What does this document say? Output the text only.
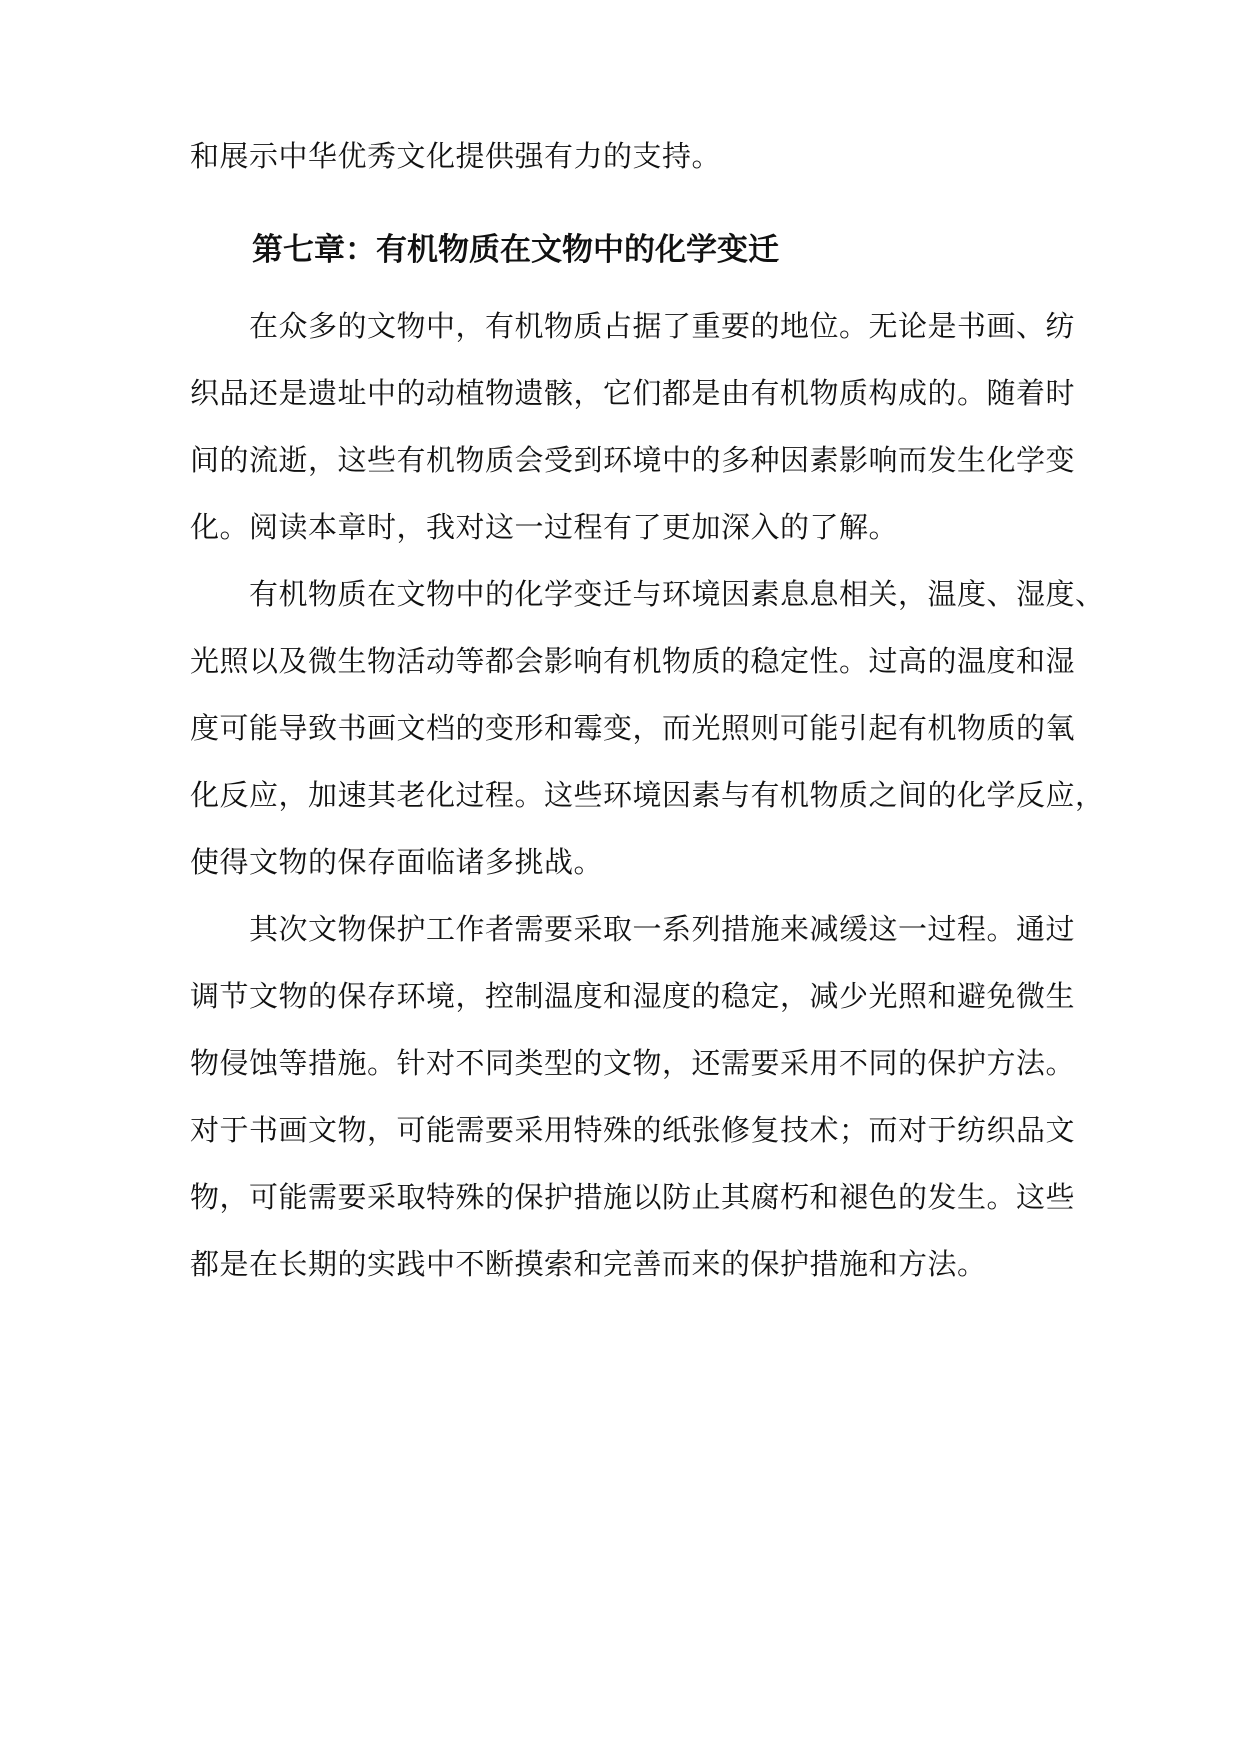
和展示中华优秀文化提供强有力的支持。
第七章：有机物质在文物中的化学变迁
　　在众多的文物中，有机物质占据了重要的地位。无论是书画、纺
织品还是遗址中的动植物遗骸，它们都是由有机物质构成的。随着时
间的流逝，这些有机物质会受到环境中的多种因素影响而发生化学变
化。阅读本章时，我对这一过程有了更加深入的了解。
　　有机物质在文物中的化学变迁与环境因素息息相关，温度、湿度、
光照以及微生物活动等都会影响有机物质的稳定性。过高的温度和湿
度可能导致书画文档的变形和霉变，而光照则可能引起有机物质的氧
化反应，加速其老化过程。这些环境因素与有机物质之间的化学反应，
使得文物的保存面临诸多挑战。
　　其次文物保护工作者需要采取一系列措施来减缓这一过程。通过
调节文物的保存环境，控制温度和湿度的稳定，减少光照和避免微生
物侵蚀等措施。针对不同类型的文物，还需要采用不同的保护方法。
对于书画文物，可能需要采用特殊的纸张修复技术；而对于纺织品文
物，可能需要采取特殊的保护措施以防止其腐朽和褪色的发生。这些
都是在长期的实践中不断摸索和完善而来的保护措施和方法。
